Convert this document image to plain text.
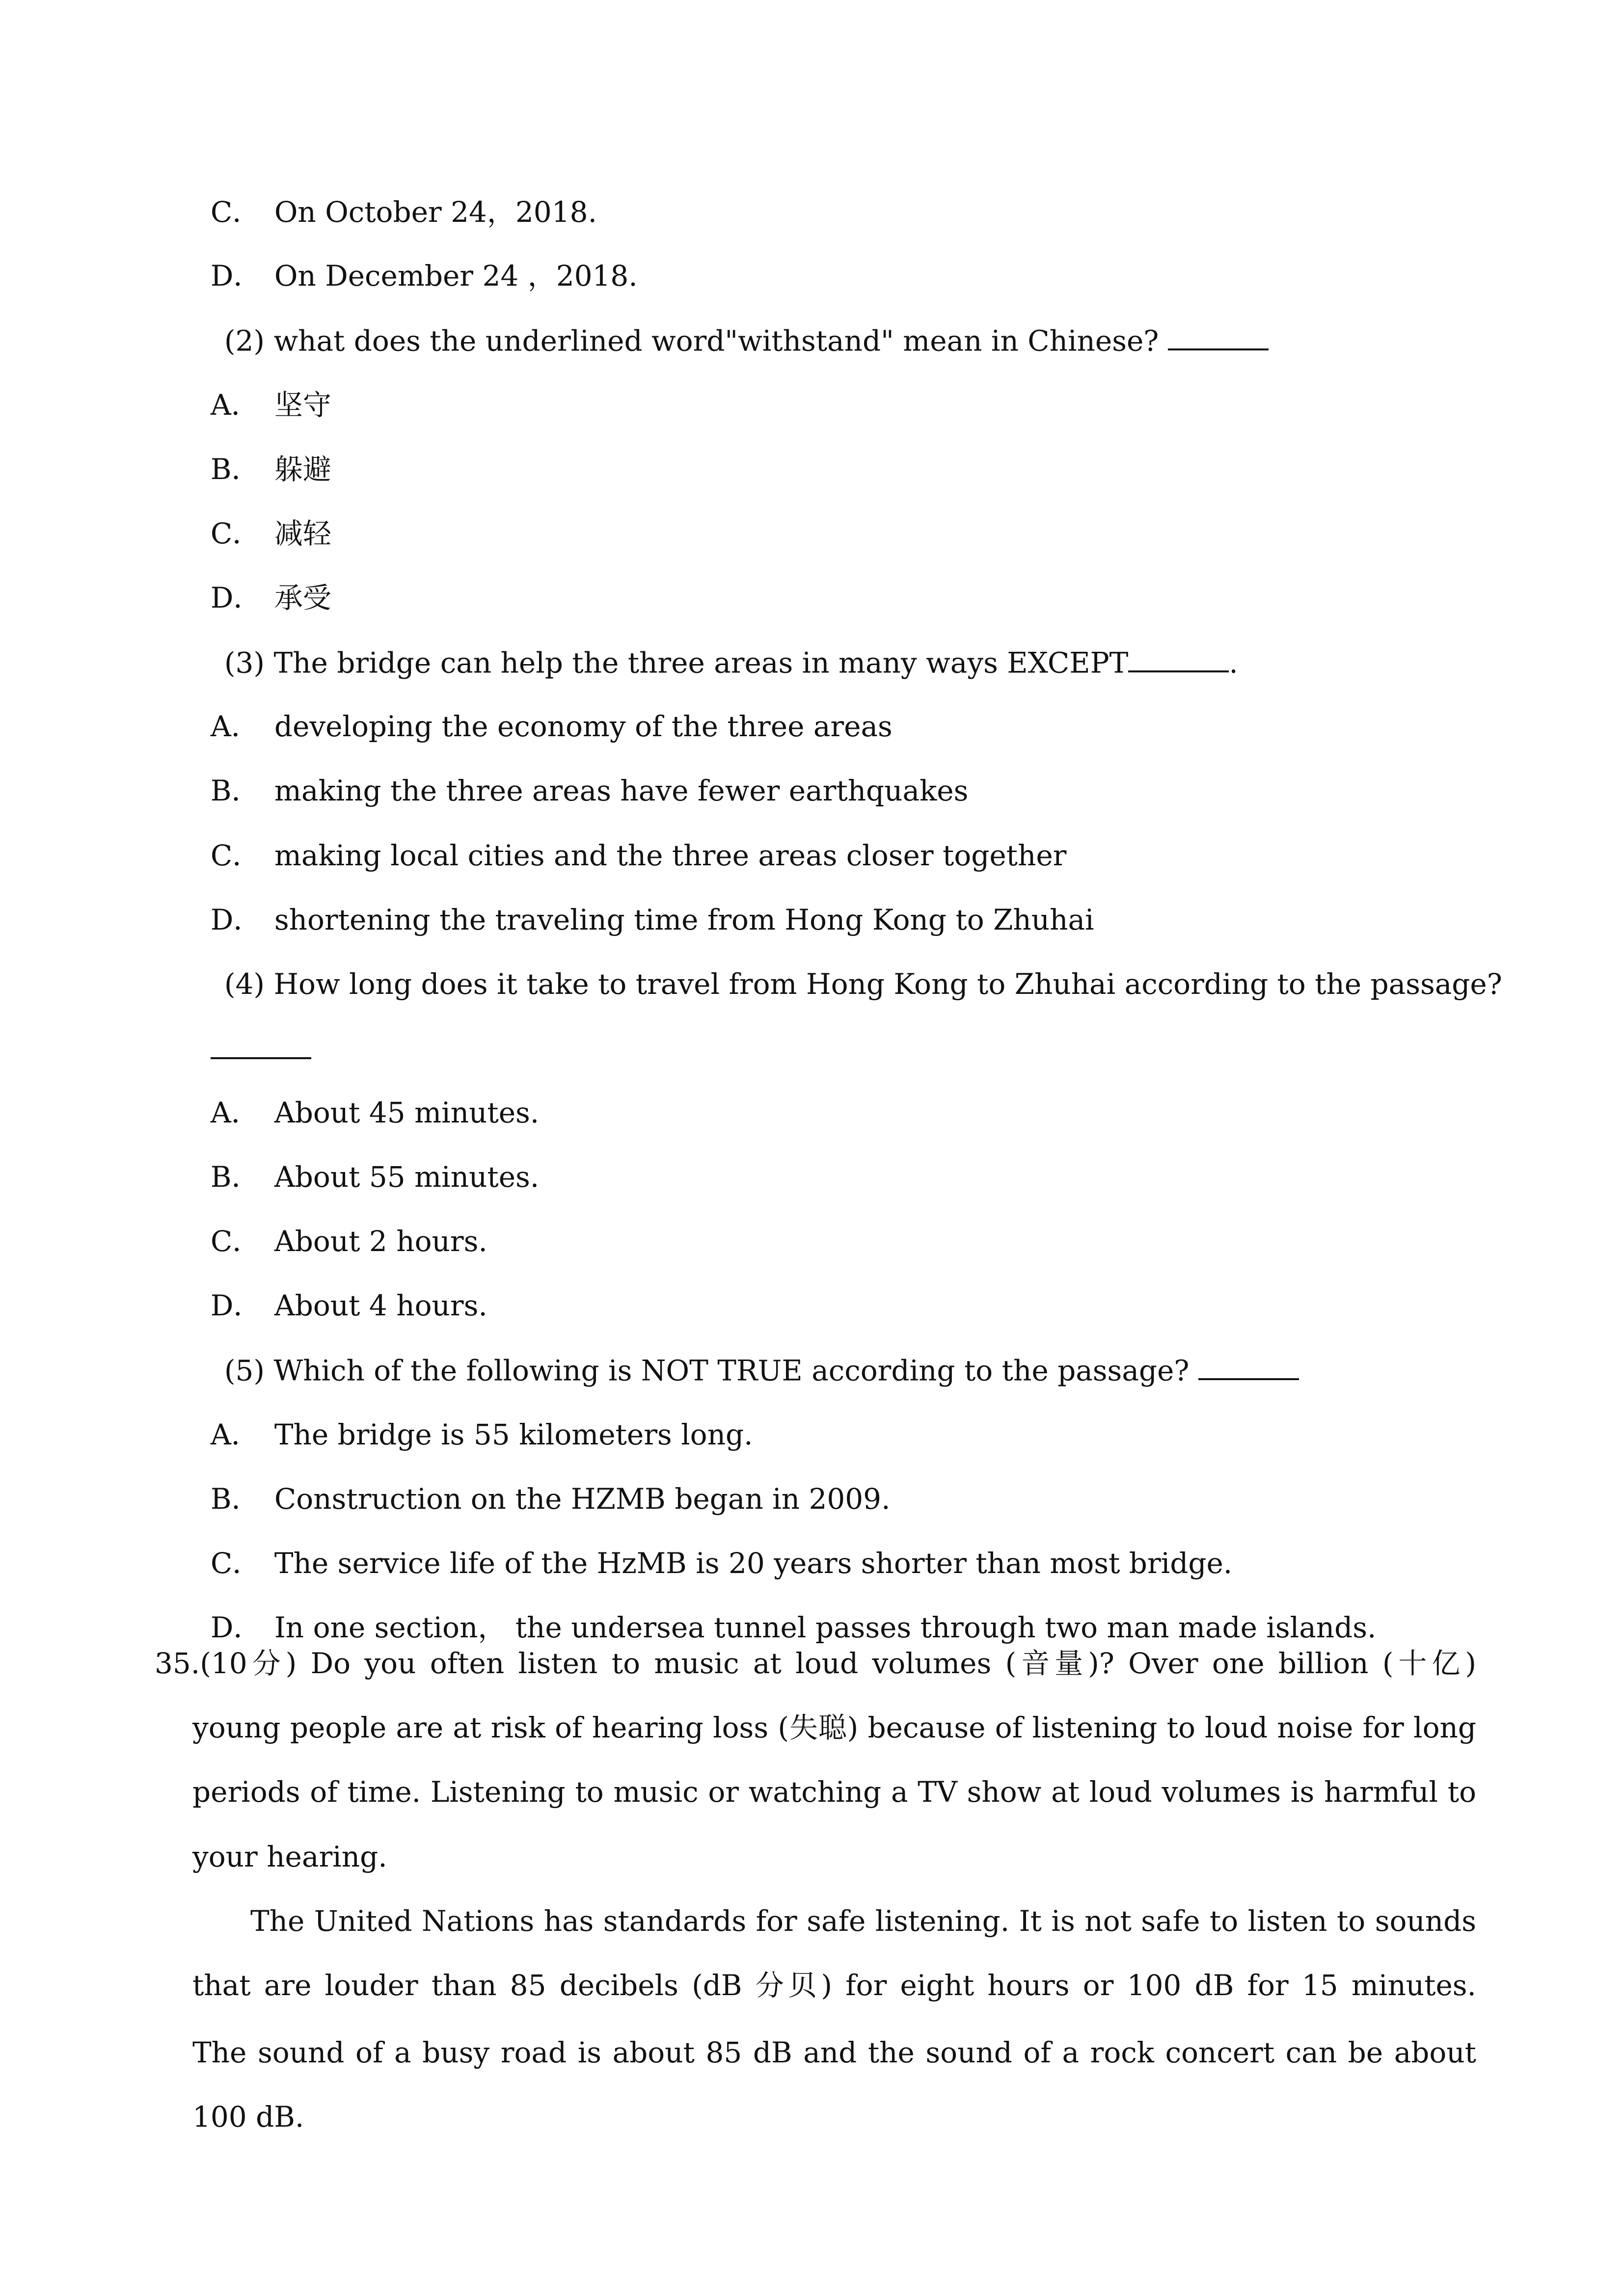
C． On October 24，2018.

D． On December 24 ，2018.

(2) what does the underlined word"withstand" mean in Chinese?

A． 坚守

B． 躲避

C． 减轻

D． 承受

(3) The bridge can help the three areas in many ways EXCEPT	.

A． developing the economy of the three areas

B． making the three areas have fewer earthquakes

C． making local cities and the three areas closer together

D． shortening the traveling time from Hong Kong to Zhuhai

(4) How long does it take to travel from Hong Kong to Zhuhai according to the passage?

A． About 45 minutes.

B． About 55 minutes.

C． About 2 hours.

D． About 4 hours.

(5) Which of the following is NOT TRUE according to the passage?

A． The bridge is 55 kilometers long.

B． Construction on the HZMB began in 2009.

C． The service life of the HzMB is 20 years shorter than most bridge.

D． In one section， the undersea tunnel passes through two man made islands.

35.(10分) Do you often listen to music at loud volumes (音量)? Over one billion (十亿)
young people are at risk of hearing loss (失聪) because of listening to loud noise for long
periods of time. Listening to music or watching a TV show at loud volumes is harmful to
your hearing.
The United Nations has standards for safe listening. It is not safe to listen to sounds
that are louder than 85 decibels (dB 分贝) for eight hours or 100 dB for 15 minutes.
The sound of a busy road is about 85 dB and the sound of a rock concert can be about
100 dB.
